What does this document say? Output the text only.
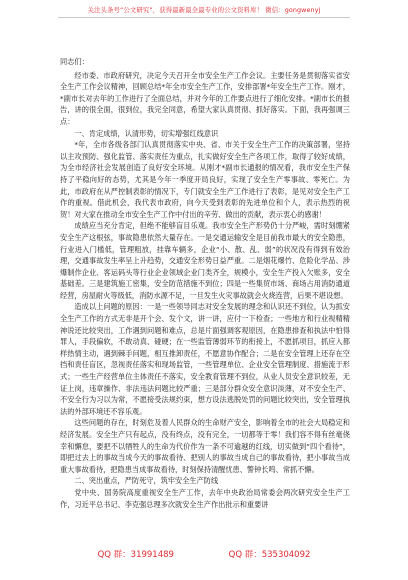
关注头条号“公文研究”，获得最新最全最专业的公文资料库！ 微信：gongwenyj

同志们：

经市委、市政府研究，决定今天召开全市安全生产工作会议。主要任务是贯彻落实省安全生产工作会议精神，回顾总结*年全市安全生产工作，安排部署*年安全生产工作。刚才，*副市长对去年的工作进行了全面总结，并对今年的工作要点进行了细化安排。*副市长的报告，讲的很全面，很到位，我完全同意，希望大家认真贯彻、抓好落实。下面，我再强调三点：

一、肯定成绩，认清形势，切实增强红线意识

*年，全市各级各部门认真贯彻落实中央、省、市关于安全生产工作的决策部署，坚持以主攻预防、强化监管、落实责任为重点，扎实做好安全生产各项工作，取得了较好成绩，为全市经济社会发展创造了良好安全环境。从刚才*副市长通报的情况看，我市安全生产保持了平稳向好的态势，尤其是今年一季度开局良好，实现了安全生产零事故、零死亡。为此，市政府在从严控制表彰的情况下，专门就安全生产工作进行了表彰，是见对安全生产工作的重视。借此机会，我代表市政府，向今天受到表彰的先进单位和个人，表示热烈的祝贺！对大家在推动全市安全生产工作中付出的辛劳、做出的贡献，表示衷心的感谢！

成绩应当充分肯定，但绝不能够盲目乐观。我市安全生产形势仍十分严峻，需时刻绷紧安全生产这根弦，事故隐患依然大量存在。一是交通运输安全是目前我市最大的安全隐患，行业进入门槛低，管理粗放，挂靠车辆多，企业“小、散、乱、弱”的状况没有得到有效治理，交通事故发生率呈上升趋势，交通安全形势日益严重。二是烟花爆竹、危险化学品、涉爆制作企业、客运码头等行业企业领域企业门类齐全，规模小，安全生产投入欠账多，安全基础差。三是建筑施工密集，安全防范措施不到位；四是一些集贸市场、商场占用消防通道经营，房屋耐火等级低，消防水源不足，一旦发生火灾事故就会火烧连营，后果不堪设想。

造成以上问题的原因：一是一些领导同志对安全发展的理念和认识还不到位，认为抓安全生产工作的方式无非是开个会、发个文，讲一讲，应付一下检查；一些地方和行业视精精神说还比较突出，工作遇到问题和难点，总是片面强调客观原因，在隐患排查和执法中怕得罪人，手段偏软，不敢动真、碰硬；在一些监管薄弱环节的衔接上，不愿抓项目，抓应入都样热情主动，遇到棘手问题，相互推卸责任，不愿意协作配合；二是在安全管理上还存在空挡和责任盲区，忽视责任落实和现场监管，一些管理单位、企业安全管理制度、措施流于形式；一些生产经营单位主体责任不落实，安全教育管理不到位，从业人员安全意识较差，无证上岗，违章操作、非法违法问题比较严重；三是部分群众安全意识淡薄，对不安全生产、不安全行为习以为常，不愿接受法规约束，想方设法逃脱处罚的问题比较突出，安全管理执法的外部环境还不容乐观。

这些问题的存在，时刻危及着人民群众的生命财产安全，影响着全市的社会大局稳定和经济发展。安全生产只有起点，没有终点，没有完全，一切都等于零！我们容不得有丝毫侥幸和懈怠，要把不以牺牲人的生命为代价作为一条不可逾越的红线，切实做到“四个看待”，即把过去上的事故当成今天的事故看待、把别人的事故当成自己的事故看待，把小事故当成重大事故看待，把隐患当成事故看待，时刻保持清醒忧患、警钟长鸣、常抓不懈。

二、突出重点，严防死守，筑牢安全生产防线

党中央、国务院高度重视安全生产工作，去年中央政治局常委会两次研究安全生产工作，习近平总书记、李克强总理多次就安全生产作出批示和重要讲

QQ 群：31991489	QQ 群：535304092
